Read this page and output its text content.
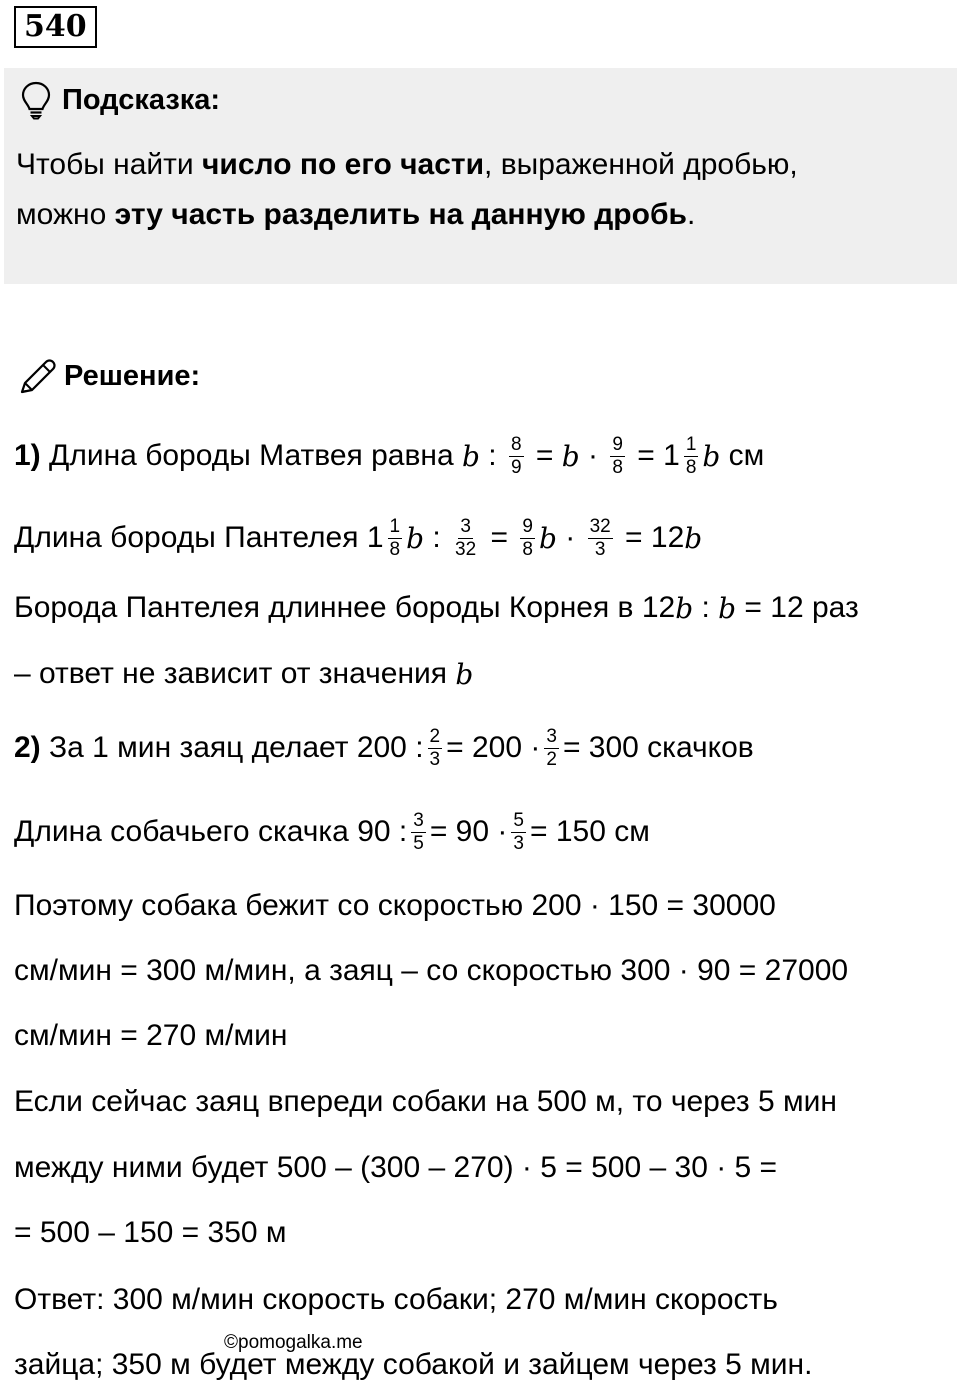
540
Подсказка:
Чтобы найти число по его части, выраженной дробью,
можно эту часть разделить на данную дробь.
Решение:
1) Длина бороды Матвея равна b : $\frac{8}{9} = b \cdot \frac{9}{8} = 1 \frac{1}{8}$ b см
Длина бороды Пантелея $1 \frac{1}{8}$ b : $\frac{3}{32} = \frac{9}{8}$ $b \cdot \frac{32}{3} = 12$ b
Борода Пантелея длиннее бороды Корнея в 12 b : b = 12 раз
– ответ не зависит от значения b
2) За 1 мин заяц делает 200 : $\frac{2}{3} = 200 \cdot \frac{3}{2} = 300$ скачков
Длина собачьего скачка 90 : $\frac{3}{5} = 90 \cdot \frac{5}{3} = 150$ см
Поэтому собака бежит со скоростью 200 · 150 = 30000
см/мин = 300 м/мин, а заяц – со скоростью 300 · 90 = 27000
см/мин = 270 м/мин
Если сейчас заяц впереди собаки на 500 м, то через 5 мин
между ними будет 500 – (300 – 270) · 5 = 500 – 30 · 5 =
= 500 – 150 = 350 м
Ответ: 300 м/мин скорость собаки; 270 м/мин скорость
зайца; 350 м будет между собакой и зайцем через 5 мин.
©pomogalka.me
